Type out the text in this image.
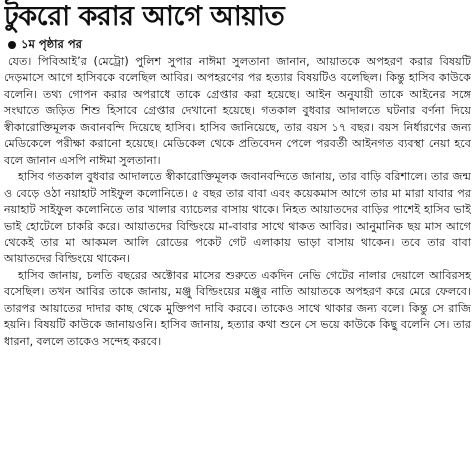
টুকরো করার আগে আয়াত
১ম পৃষ্ঠার পর

যেত। পিবিআই’র (মেট্রো) পুলিশ সুপার নাঈমা সুলতানা জানান, আয়াতকে অপহরণ করার বিষয়টি দেড়মাসে আগে হাসিবকে বলেছিল আবির। অপহরণের পর হত্যার বিষয়টিও বলেছিল। কিন্তু হাসিব কাউকে বলেনি। তথ্য গোপন করার অপরাধে তাকে গ্রেপ্তার করা হয়েছে। আইন অনুযায়ী তাকে আইনের সঙ্গে সংঘাতে জড়িত শিশু হিসাবে গ্রেপ্তার দেখানো হয়েছে। গতকাল বুধবার আদালতে ঘটনার বর্ণনা দিয়ে স্বীকারোক্তিমূলক জবানবন্দি দিয়েছে হাসিব। হাসিব জানিয়েছে, তার বয়স ১৭ বছর। বয়স নির্ধারণের জন্য মেডিকেলে পরীক্ষা করানো হয়েছে। মেডিকেল থেকে প্রতিবেদন পেলে পরবর্তী আইনগত ব্যবস্থা নেয়া হবে বলে জানান এসপি নাঈমা সুলতানা।

হাসিব গতকাল বুধবার আদালতে স্বীকারোক্তিমূলক জবানবন্দিতে জানায়, তার বাড়ি বরিশালে। তার জন্ম ও বেড়ে ওঠা নয়াহাট সাইফুল কলোনিতে। ৫ বছর তার বাবা এবং কয়েকমাস আগে তার মা মারা যাবার পর নয়াহাট সাইফুল কলোনিতে তার খালার ব্যাচেলর বাসায় থাকে। নিহত আয়াতদের বাড়ির পাশেই হাসিব ভাই ভাই হোটেলে চাকরি করে। আয়াতদের বিল্ডিংয়ে মা-বাবার সাথে থাকত আবির। আনুমানিক ছয় মাস আগে থেকেই তার মা আকমল আলি রোডের পকেট গেট এলাকায় ভাড়া বাসায় থাকেন। তবে তার বাবা আয়াতদের বিল্ডিংয়ে থাকেন।

হাসিব জানায়, চলতি বছরের অক্টোবর মাসের শুরুতে একদিন নেভি গেটের নালার দেয়ালে আবিরসহ বসেছিল। তখন আবির তাকে জানায়, মঞ্জু বিল্ডিংয়ের মঞ্জুর নাতি আয়াতকে অপহরণ করে মেরে ফেলবে। তারপর আয়াতের দাদার কাছ থেকে মুক্তিপণ দাবি করবে। তাকেও সাথে থাকার জন্য বলে। কিন্তু সে রাজি হয়নি। বিষয়টি কাউকে জানায়ওনি। হাসিব জানায়, হত্যার কথা শুনে সে ভয়ে কাউকে কিছু বলেনি সে। তার ধারনা, বললে তাকেও সন্দেহ করবে।
